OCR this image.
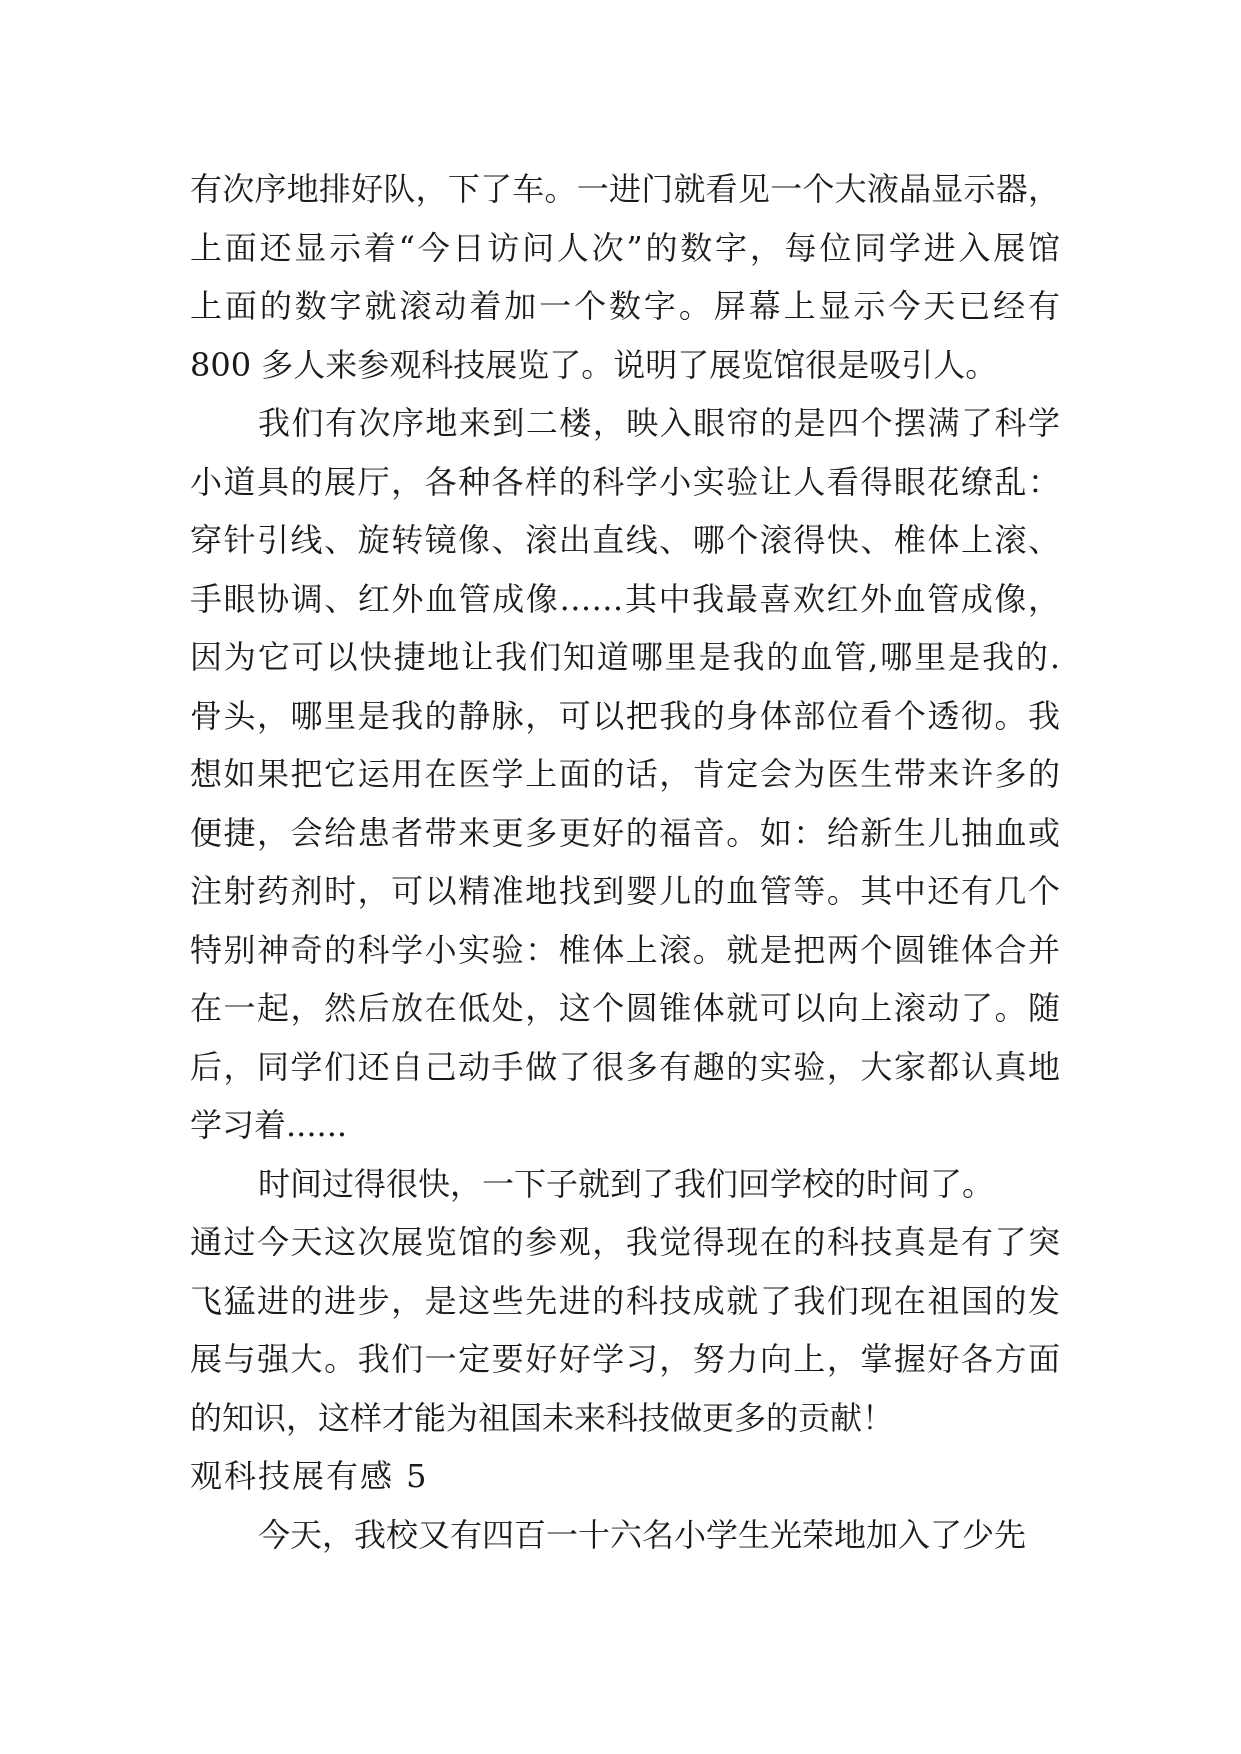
有次序地排好队，下了车。一进门就看见一个大液晶显示器，
上面还显示着“今日访问人次”的数字，每位同学进入展馆
上面的数字就滚动着加一个数字。屏幕上显示今天已经有
800 多人来参观科技展览了。说明了展览馆很是吸引人。
我们有次序地来到二楼，映入眼帘的是四个摆满了科学
小道具的展厅，各种各样的科学小实验让人看得眼花缭乱：
穿针引线、旋转镜像、滚出直线、哪个滚得快、椎体上滚、
手眼协调、红外血管成像……其中我最喜欢红外血管成像，
因为它可以快捷地让我们知道哪里是我的血管,哪里是我的.
骨头，哪里是我的静脉，可以把我的身体部位看个透彻。我
想如果把它运用在医学上面的话，肯定会为医生带来许多的
便捷，会给患者带来更多更好的福音。如：给新生儿抽血或
注射药剂时，可以精准地找到婴儿的血管等。其中还有几个
特别神奇的科学小实验：椎体上滚。就是把两个圆锥体合并
在一起，然后放在低处，这个圆锥体就可以向上滚动了。随
后，同学们还自己动手做了很多有趣的实验，大家都认真地
学习着......
时间过得很快，一下子就到了我们回学校的时间了。
通过今天这次展览馆的参观，我觉得现在的科技真是有了突
飞猛进的进步，是这些先进的科技成就了我们现在祖国的发
展与强大。我们一定要好好学习，努力向上，掌握好各方面
的知识，这样才能为祖国未来科技做更多的贡献！
观科技展有感 5
今天，我校又有四百一十六名小学生光荣地加入了少先
